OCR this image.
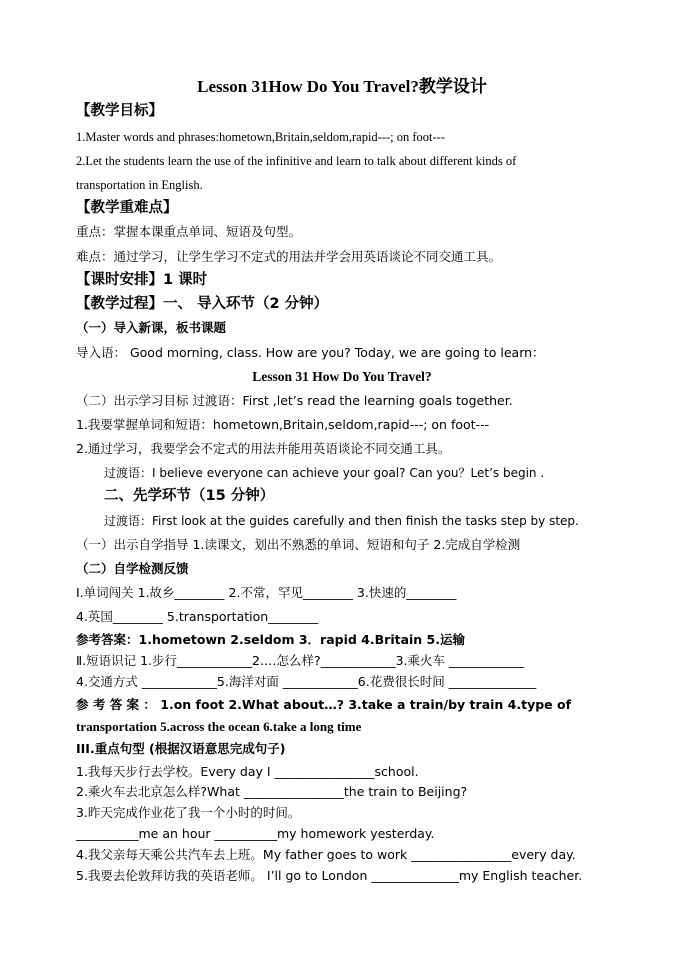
Lesson 31How Do You Travel?教学设计
【教学目标】
1.Master words and phrases:hometown,Britain,seldom,rapid---; on foot---
2.Let the students learn the use of the infinitive and learn to talk about different kinds of
transportation in English.
【教学重难点】
重点：掌握本课重点单词、短语及句型。
难点：通过学习，让学生学习不定式的用法并学会用英语谈论不同交通工具。
【课时安排】1 课时
【教学过程】一、 导入环节（2 分钟）
（一）导入新课，板书课题
导入语： Good morning, class. How are you? Today, we are going to learn：
Lesson 31 How Do You Travel?
（二）出示学习目标 过渡语：First ,let’s read the learning goals together.
1.我要掌握单词和短语：hometown,Britain,seldom,rapid---; on foot---
2.通过学习，我要学会不定式的用法并能用英语谈论不同交通工具。
过渡语：I believe everyone can achieve your goal? Can you？Let’s begin .
二、先学环节（15 分钟）
过渡语：First look at the guides carefully and then finish the tasks step by step.
（一）出示自学指导 1.读课文，划出不熟悉的单词、短语和句子 2.完成自学检测
（二）自学检测反馈
Ⅰ.单词闯关 1.故乡________ 2.不常，罕见________ 3.快速的________
4.英国________ 5.transportation________
参考答案：1.hometown 2.seldom 3．rapid 4.Britain 5.运输
Ⅱ.短语识记 1.步行____________2.…怎么样?____________3.乘火车 ____________
4.交通方式 ____________5.海洋对面 ____________6.花费很长时间 ______________
参 考 答 案 ： 1.on foot 2.What about…? 3.take a train/by train 4.type of
transportation 5.across the ocean 6.take a long time
III.重点句型 (根据汉语意思完成句子)
1.我每天步行去学校。Every day I ________________school.
2.乘火车去北京怎么样?What ________________the train to Beijing?
3.昨天完成作业花了我一个小时的时间。
__________me an hour __________my homework yesterday.
4.我父亲每天乘公共汽车去上班。My father goes to work ________________every day.
5.我要去伦敦拜访我的英语老师。 I’ll go to London ______________my English teacher.
